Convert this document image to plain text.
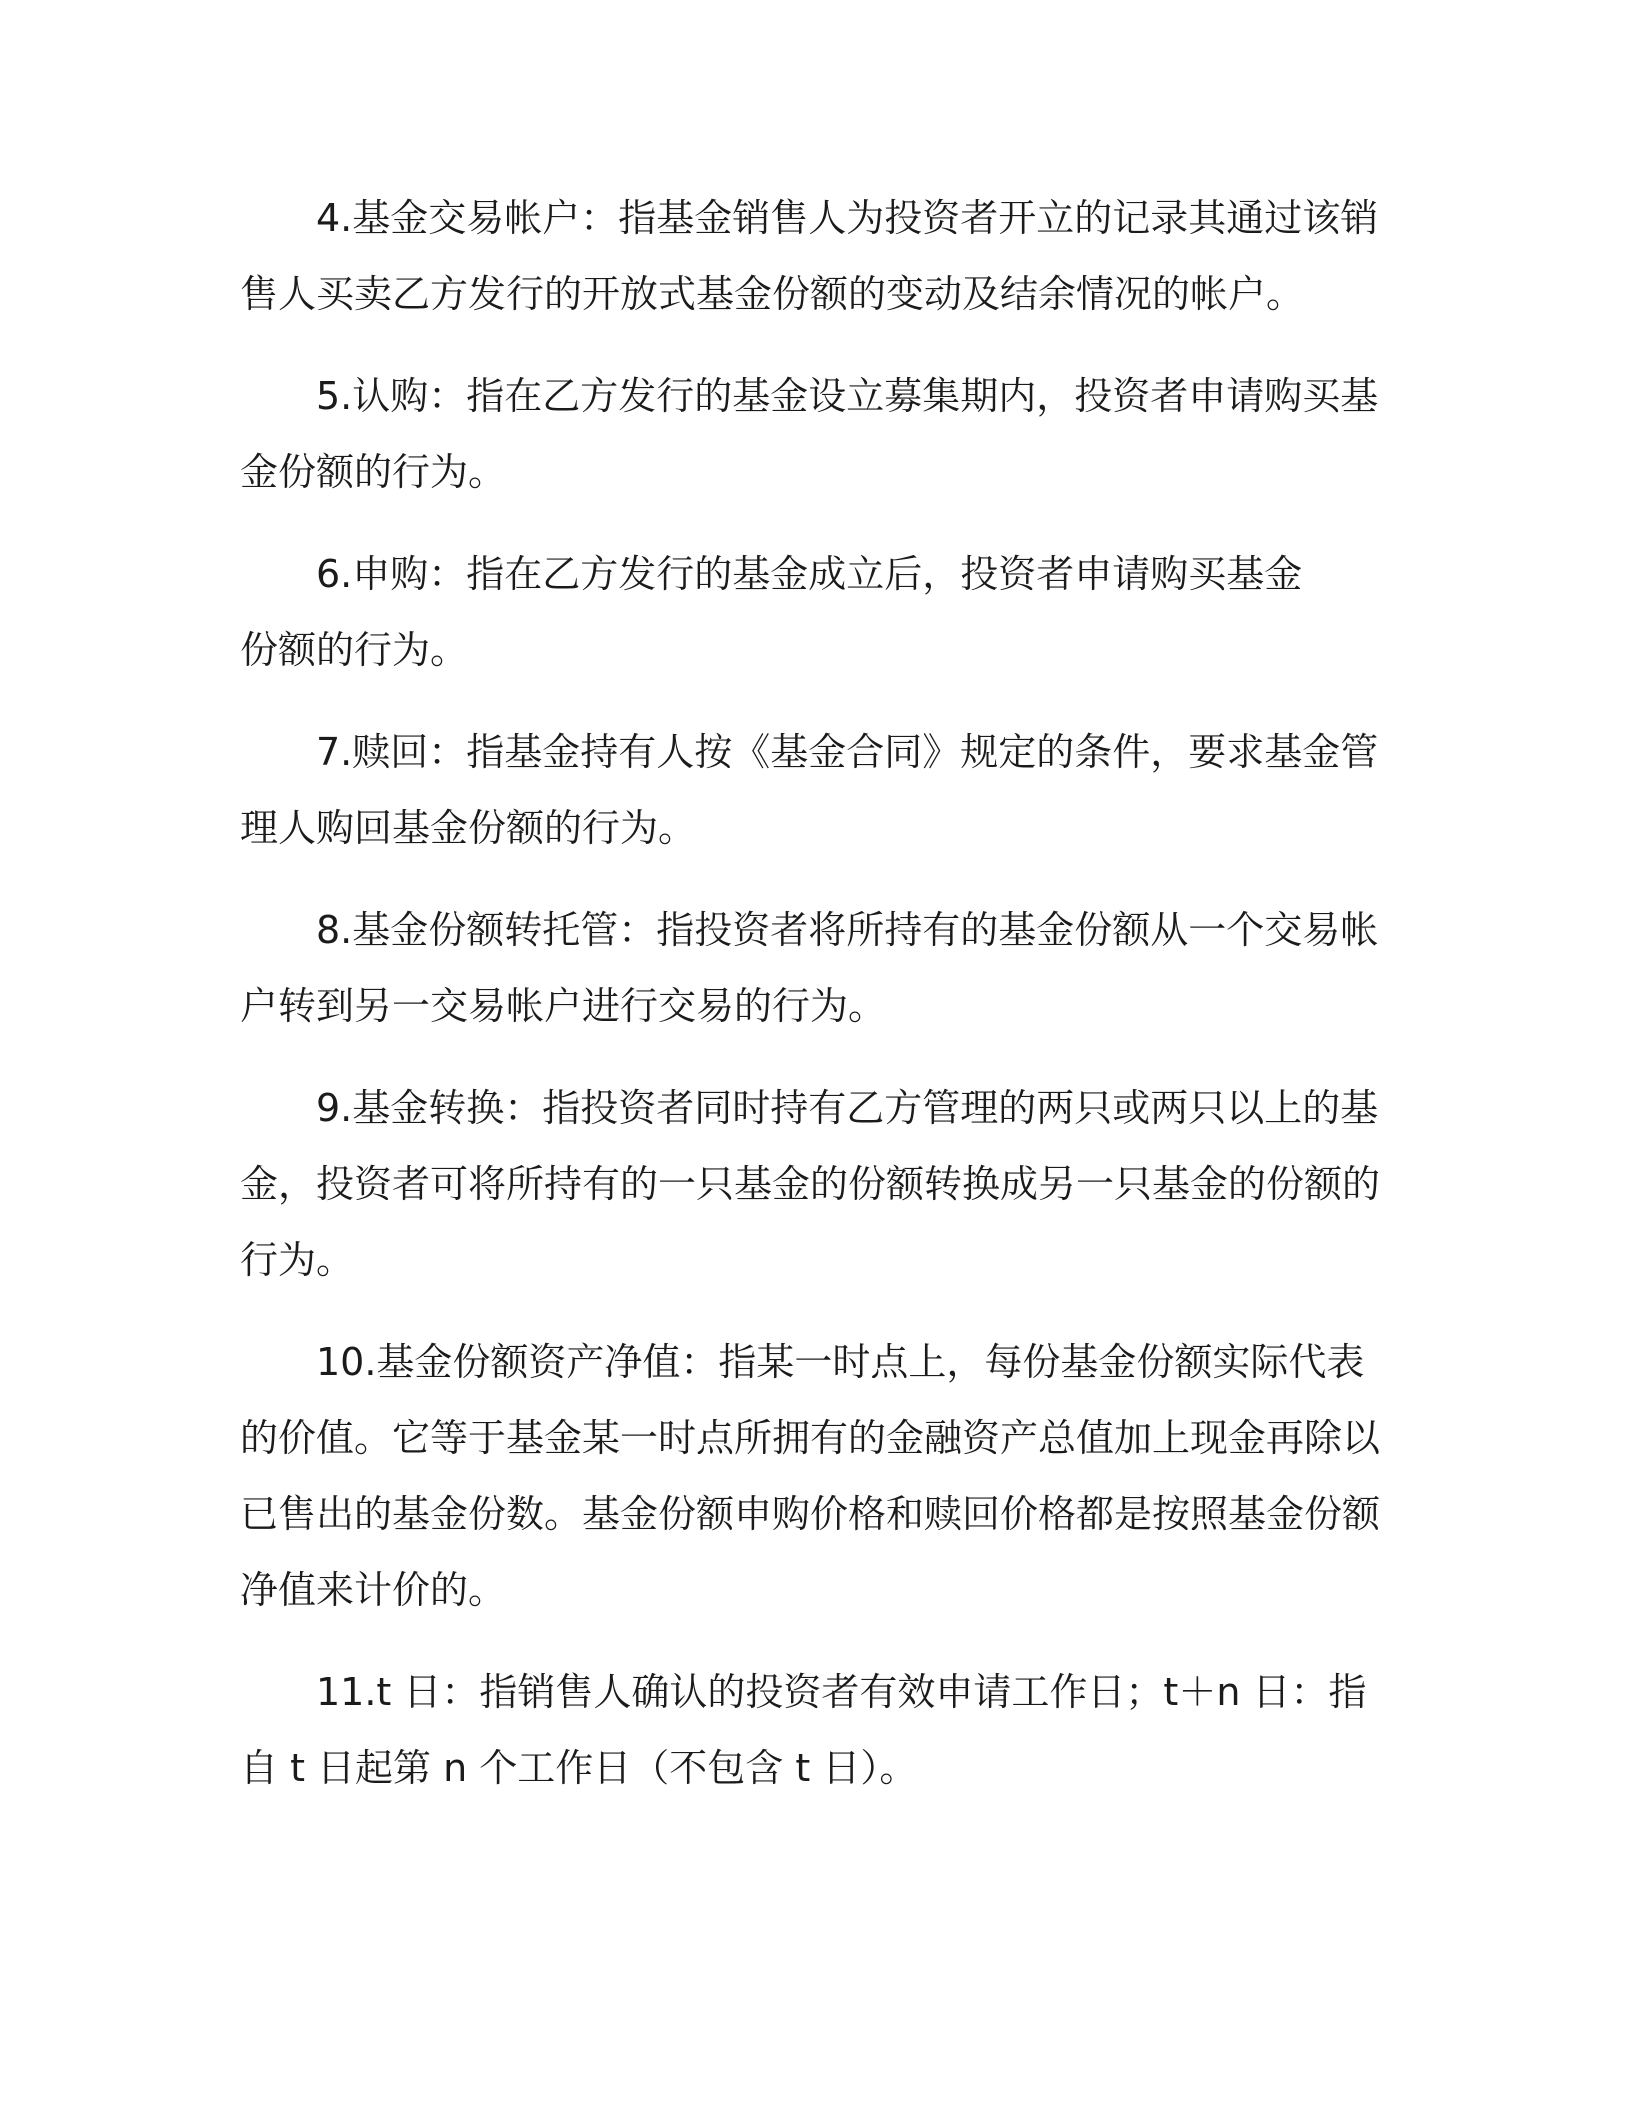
4.基金交易帐户：指基金销售人为投资者开立的记录其通过该销
售人买卖乙方发行的开放式基金份额的变动及结余情况的帐户。

5.认购：指在乙方发行的基金设立募集期内，投资者申请购买基
金份额的行为。

6.申购：指在乙方发行的基金成立后，投资者申请购买基金
份额的行为。

7.赎回：指基金持有人按《基金合同》规定的条件，要求基金管
理人购回基金份额的行为。

8.基金份额转托管：指投资者将所持有的基金份额从一个交易帐
户转到另一交易帐户进行交易的行为。

9.基金转换：指投资者同时持有乙方管理的两只或两只以上的基
金，投资者可将所持有的一只基金的份额转换成另一只基金的份额的
行为。

10.基金份额资产净值：指某一时点上，每份基金份额实际代表
的价值。它等于基金某一时点所拥有的金融资产总值加上现金再除以
已售出的基金份数。基金份额申购价格和赎回价格都是按照基金份额
净值来计价的。

11.t 日：指销售人确认的投资者有效申请工作日；t＋n 日：指
自 t 日起第 n 个工作日（不包含 t 日）。
